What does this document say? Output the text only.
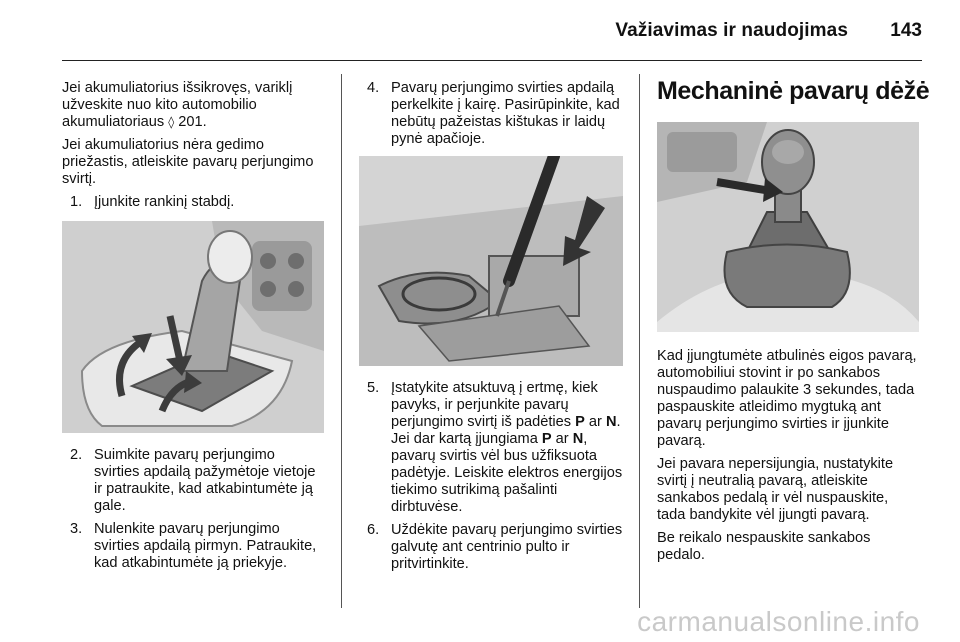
Važiavimas ir naudojimas 143

Jei akumuliatorius išsikrovęs, variklį užveskite nuo kito automobilio akumuliatoriaus ◊ 201.

Jei akumuliatorius nėra gedimo priežastis, atleiskite pavarų perjungimo svirtį.

1. Įjunkite rankinį stabdį.
2. Suimkite pavarų perjungimo svirties apdailą pažymėtoje vietoje ir patraukite, kad atkabintumėte ją gale.
3. Nulenkite pavarų perjungimo svirties apdailą pirmyn. Patraukite, kad atkabintumėte ją priekyje.
4. Pavarų perjungimo svirties apdailą perkelkite į kairę. Pasirūpinkite, kad nebūtų pažeistas kištukas ir laidų pynė apačioje.
5. Įstatykite atsuktuvą į ertmę, kiek pavyks, ir perjunkite pavarų perjungimo svirtį iš padėties P ar N. Jei dar kartą įjungiama P ar N, pavarų svirtis vėl bus užfiksuota padėtyje. Leiskite elektros energijos tiekimo sutrikimą pašalinti dirbtuvėse.
6. Uždėkite pavarų perjungimo svirties galvutę ant centrinio pulto ir pritvirtinkite.
Mechaninė pavarų dėžė

Kad įjungtumėte atbulinės eigos pavarą, automobiliui stovint ir po sankabos nuspaudimo palaukite 3 sekundes, tada paspauskite atleidimo mygtuką ant pavarų perjungimo svirties ir įjunkite pavarą.

Jei pavara nepersijungia, nustatykite svirtį į neutralią pavarą, atleiskite sankabos pedalą ir vėl nuspauskite, tada bandykite vėl įjungti pavarą.

Be reikalo nespauskite sankabos pedalo.

carmanualsonline.info
